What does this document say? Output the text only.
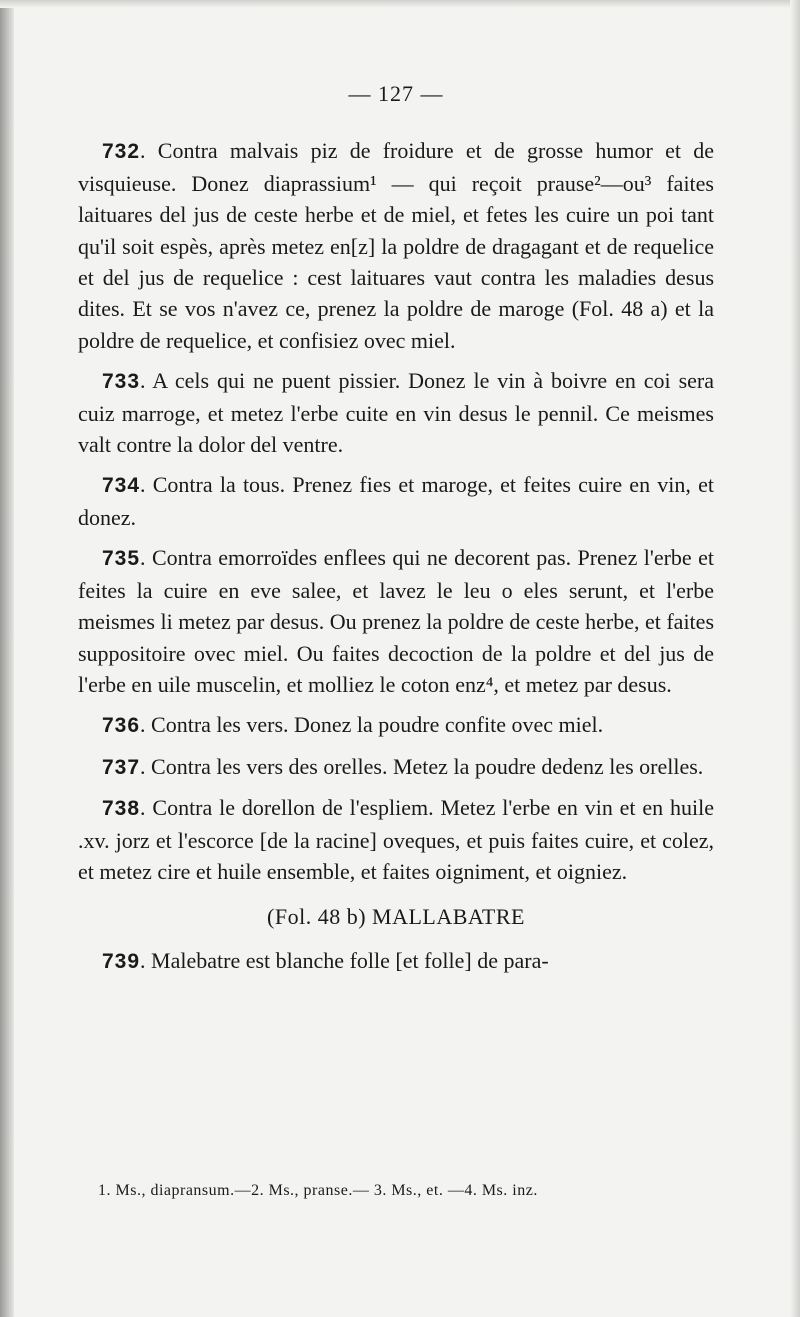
— 127 —

732. Contra malvais piz de froidure et de grosse humor et de visquieuse. Donez diaprassium¹ — qui reçoit prause²—ou³ faites laituares del jus de ceste herbe et de miel, et fetes les cuire un poi tant qu'il soit espès, après metez en[z] la poldre de dragagant et de requelice et del jus de requelice : cest laituares vaut contra les maladies desus dites. Et se vos n'avez ce, prenez la poldre de maroge (Fol. 48 a) et la poldre de requelice, et confisiez ovec miel.

733. A cels qui ne puent pissier. Donez le vin à boivre en coi sera cuiz marroge, et metez l'erbe cuite en vin desus le pennil. Ce meismes valt contre la dolor del ventre.

734. Contra la tous. Prenez fies et maroge, et feites cuire en vin, et donez.

735. Contra emorroïdes enflees qui ne decorent pas. Prenez l'erbe et feites la cuire en eve salee, et lavez le leu o eles serunt, et l'erbe meismes li metez par desus. Ou prenez la poldre de ceste herbe, et faites suppositoire ovec miel. Ou faites decoction de la poldre et del jus de l'erbe en uile muscelin, et molliez le coton enz⁴, et metez par desus.

736. Contra les vers. Donez la poudre confite ovec miel.

737. Contra les vers des orelles. Metez la poudre dedenz les orelles.

738. Contra le dorellon de l'espliem. Metez l'erbe en vin et en huile .xv. jorz et l'escorce [de la racine] oveques, et puis faites cuire, et colez, et metez cire et huile ensemble, et faites oigniment, et oigniez.

(Fol. 48 b) MALLABATRE

739. Malebatre est blanche folle [et folle] de para-

1. Ms., diapransum.—2. Ms., pranse.— 3. Ms., et. —4. Ms. inz.
